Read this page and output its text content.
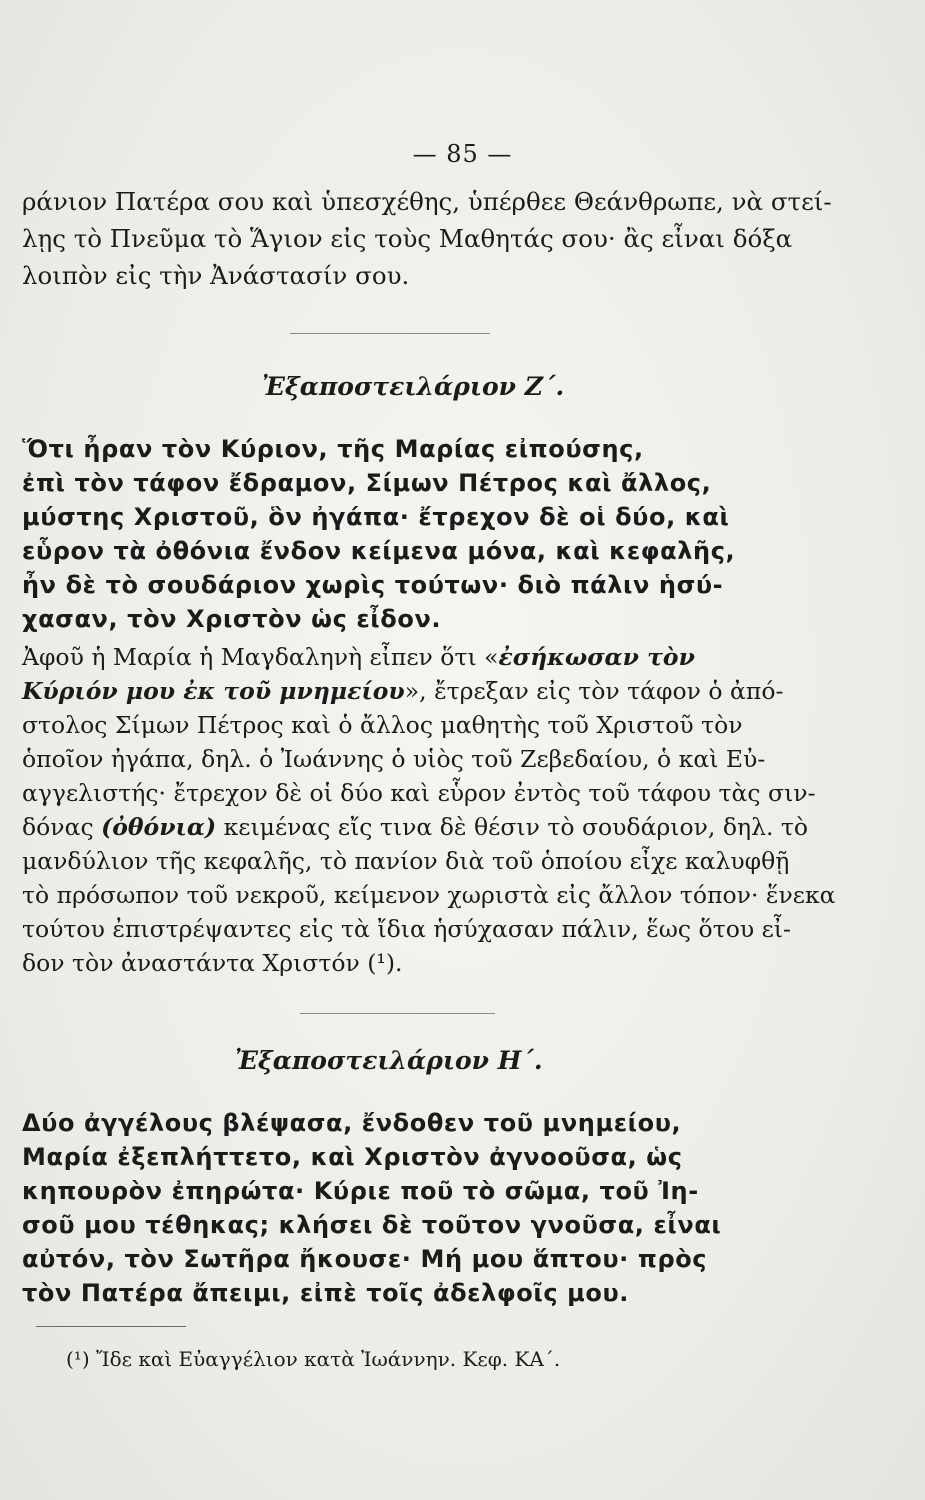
— 85 —
ράνιον Πατέρα σου καὶ ὑπεσχέθης, ὑπέρθεε Θεάνθρωπε, νὰ στεί-
λῃς τὸ Πνεῦμα τὸ Ἅγιον εἰς τοὺς Μαθητάς σου· ἂς εἶναι δόξα
λοιπὸν εἰς τὴν Ἀνάστασίν σου.
Ἐξαποστειλάριον Ζ΄.
Ὅτι ἦραν τὸν Κύριον, τῆς Μαρίας εἰπούσης,
ἐπὶ τὸν τάφον ἔδραμον, Σίμων Πέτρος καὶ ἄλλος,
μύστης Χριστοῦ, ὃν ἠγάπα· ἔτρεχον δὲ οἱ δύο, καὶ
εὗρον τὰ ὀθόνια ἔνδον κείμενα μόνα, καὶ κεφαλῆς,
ἦν δὲ τὸ σουδάριον χωρὶς τούτων· διὸ πάλιν ἡσύ-
χασαν, τὸν Χριστὸν ὡς εἶδον.
Ἀφοῦ ἡ Μαρία ἡ Μαγδαληνὴ εἶπεν ὅτι «ἐσήκωσαν τὸν
Κύριόν μου ἐκ τοῦ μνημείου», ἔτρεξαν εἰς τὸν τάφον ὁ ἀπό-
στολος Σίμων Πέτρος καὶ ὁ ἄλλος μαθητὴς τοῦ Χριστοῦ τὸν
ὁποῖον ἠγάπα, δηλ. ὁ Ἰωάννης ὁ υἱὸς τοῦ Ζεβεδαίου, ὁ καὶ Εὐ-
αγγελιστής· ἔτρεχον δὲ οἱ δύο καὶ εὗρον ἐντὸς τοῦ τάφου τὰς σιν-
δόνας (ὀθόνια) κειμένας εἴς τινα δὲ θέσιν τὸ σουδάριον, δηλ. τὸ
μανδύλιον τῆς κεφαλῆς, τὸ πανίον διὰ τοῦ ὁποίου εἶχε καλυφθῇ
τὸ πρόσωπον τοῦ νεκροῦ, κείμενον χωριστὰ εἰς ἄλλον τόπον· ἕνεκα
τούτου ἐπιστρέψαντες εἰς τὰ ἴδια ἡσύχασαν πάλιν, ἕως ὅτου εἶ-
δον τὸν ἀναστάντα Χριστόν (¹).
Ἐξαποστειλάριον Η΄.
Δύο ἀγγέλους βλέψασα, ἔνδοθεν τοῦ μνημείου,
Μαρία ἐξεπλήττετο, καὶ Χριστὸν ἀγνοοῦσα, ὡς
κηπουρὸν ἐπηρώτα· Κύριε ποῦ τὸ σῶμα, τοῦ Ἰη-
σοῦ μου τέθηκας; κλήσει δὲ τοῦτον γνοῦσα, εἶναι
αὐτόν, τὸν Σωτῆρα ἤκουσε· Μή μου ἅπτου· πρὸς
τὸν Πατέρα ἄπειμι, εἰπὲ τοῖς ἀδελφοῖς μου.
(¹) Ἴδε καὶ Εὐαγγέλιον κατὰ Ἰωάννην. Κεφ. ΚΑ΄.
